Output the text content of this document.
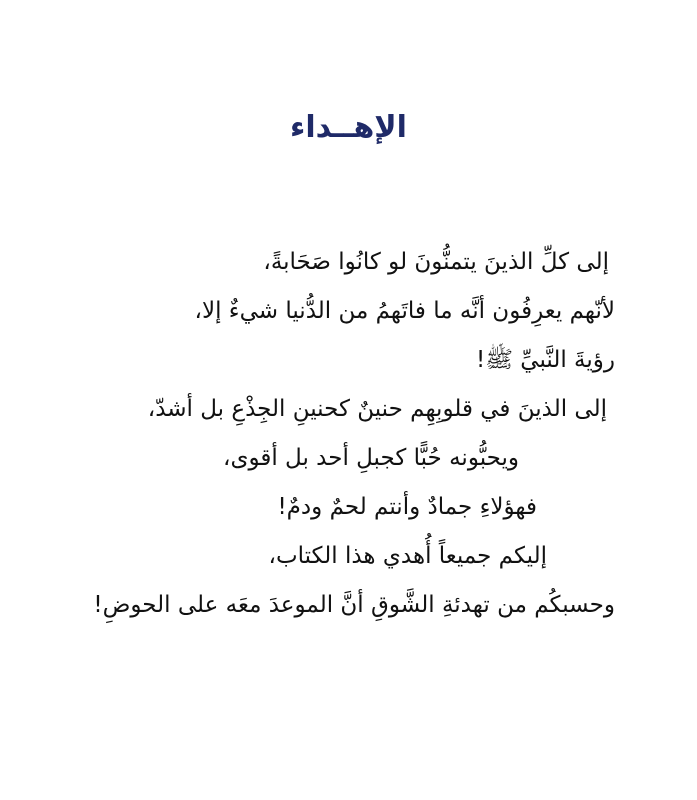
الإهــداء
إلى كلِّ الذينَ يتمنُّونَ لو كانُوا صَحَابةً،
لأنّهم يعرِفُون أنَّه ما فاتَهمُ من الدُّنيا شيءٌ إلا،
رؤيةَ النَّبيِّ ﷺ!
إلى الذينَ في قلوبِهِم حنينٌ كحنينِ الجِذْعِ بل أشدّ،
ويحبُّونه حُبًّا كجبلِ أحد بل أقوى،
فهؤلاءِ جمادٌ وأنتم لحمٌ ودمٌ!
إليكم جميعاً أُهدي هذا الكتاب،
وحسبكُم من تهدئةِ الشَّوقِ أنَّ الموعدَ معَه على الحوضِ!
